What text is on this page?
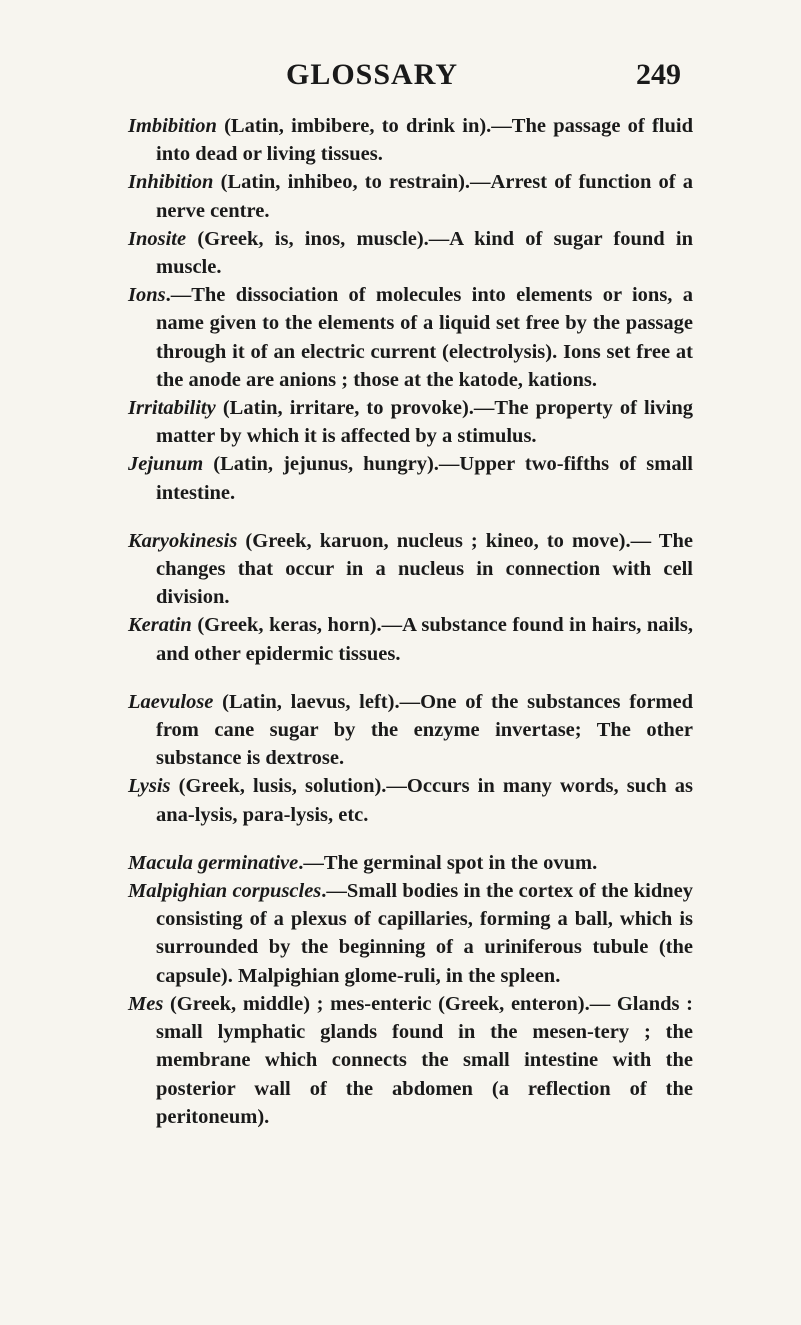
GLOSSARY	249

Imbibition (Latin, imbibere, to drink in).—The passage of fluid into dead or living tissues.

Inhibition (Latin, inhibeo, to restrain).—Arrest of function of a nerve centre.

Inosite (Greek, is, inos, muscle).—A kind of sugar found in muscle.

Ions.—The dissociation of molecules into elements or ions, a name given to the elements of a liquid set free by the passage through it of an electric current (electrolysis). Ions set free at the anode are anions ; those at the katode, kations.

Irritability (Latin, irritare, to provoke).—The property of living matter by which it is affected by a stimulus.

Jejunum (Latin, jejunus, hungry).—Upper two-fifths of small intestine.

Karyokinesis (Greek, karuon, nucleus ; kineo, to move).— The changes that occur in a nucleus in connection with cell division.

Keratin (Greek, keras, horn).—A substance found in hairs, nails, and other epidermic tissues.

Laevulose (Latin, laevus, left).—One of the substances formed from cane sugar by the enzyme invertase; The other substance is dextrose.

Lysis (Greek, lusis, solution).—Occurs in many words, such as ana-lysis, para-lysis, etc.

Macula germinative.—The germinal spot in the ovum.

Malpighian corpuscles.—Small bodies in the cortex of the kidney consisting of a plexus of capillaries, forming a ball, which is surrounded by the beginning of a uriniferous tubule (the capsule). Malpighian glome-ruli, in the spleen.

Mes (Greek, middle) ; mes-enteric (Greek, enteron).— Glands : small lymphatic glands found in the mesen-tery ; the membrane which connects the small intestine with the posterior wall of the abdomen (a reflection of the peritoneum).
